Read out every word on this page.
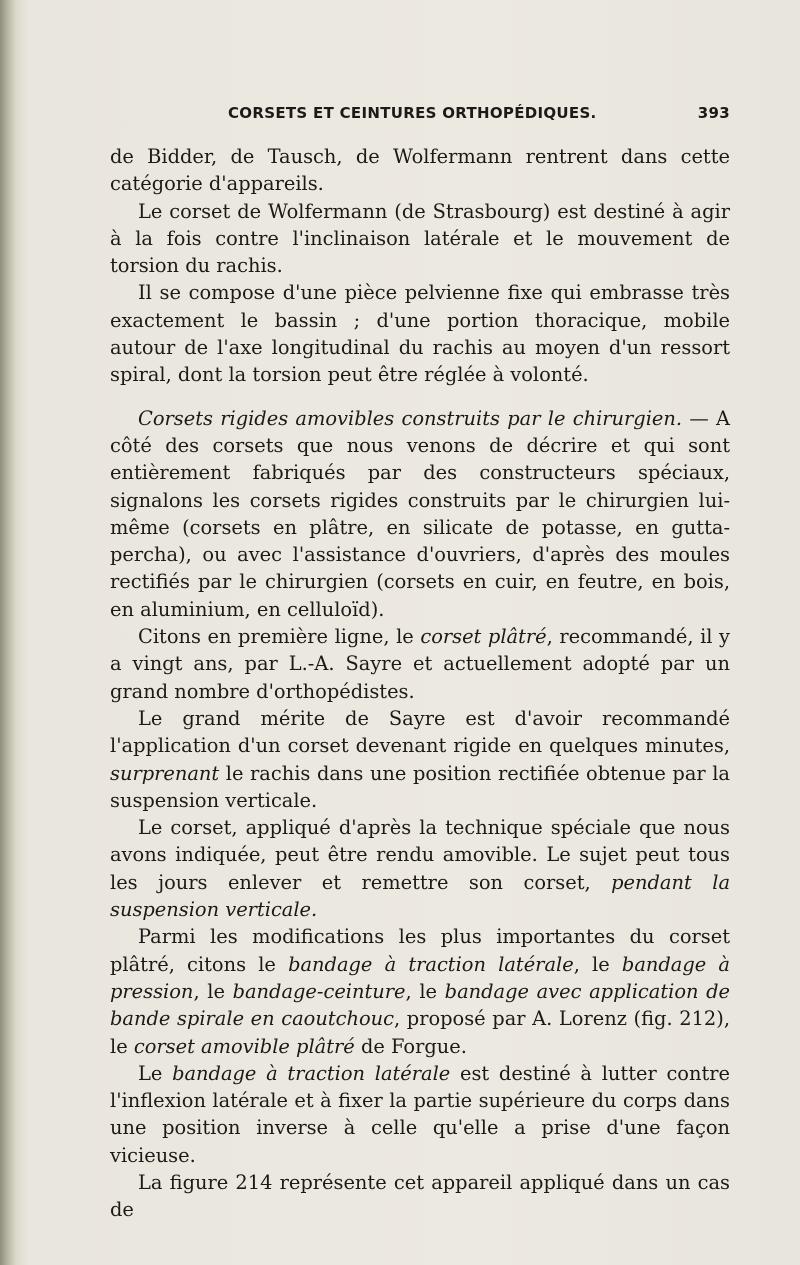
CORSETS ET CEINTURES ORTHOPÉDIQUES.	393

de Bidder, de Tausch, de Wolfermann rentrent dans cette catégorie d'appareils.

Le corset de Wolfermann (de Strasbourg) est destiné à agir à la fois contre l'inclinaison latérale et le mouvement de torsion du rachis.

Il se compose d'une pièce pelvienne fixe qui embrasse très exactement le bassin ; d'une portion thoracique, mobile autour de l'axe longitudinal du rachis au moyen d'un ressort spiral, dont la torsion peut être réglée à volonté.

Corsets rigides amovibles construits par le chirurgien. — A côté des corsets que nous venons de décrire et qui sont entièrement fabriqués par des constructeurs spéciaux, signalons les corsets rigides construits par le chirurgien lui-même (corsets en plâtre, en silicate de potasse, en gutta-percha), ou avec l'assistance d'ouvriers, d'après des moules rectifiés par le chirurgien (corsets en cuir, en feutre, en bois, en aluminium, en celluloïd).

Citons en première ligne, le corset plâtré, recommandé, il y a vingt ans, par L.-A. Sayre et actuellement adopté par un grand nombre d'orthopédistes.

Le grand mérite de Sayre est d'avoir recommandé l'application d'un corset devenant rigide en quelques minutes, surprenant le rachis dans une position rectifiée obtenue par la suspension verticale.

Le corset, appliqué d'après la technique spéciale que nous avons indiquée, peut être rendu amovible. Le sujet peut tous les jours enlever et remettre son corset, pendant la suspension verticale.

Parmi les modifications les plus importantes du corset plâtré, citons le bandage à traction latérale, le bandage à pression, le bandage-ceinture, le bandage avec application de bande spirale en caoutchouc, proposé par A. Lorenz (fig. 212), le corset amovible plâtré de Forgue.

Le bandage à traction latérale est destiné à lutter contre l'inflexion latérale et à fixer la partie supérieure du corps dans une position inverse à celle qu'elle a prise d'une façon vicieuse.

La figure 214 représente cet appareil appliqué dans un cas de
